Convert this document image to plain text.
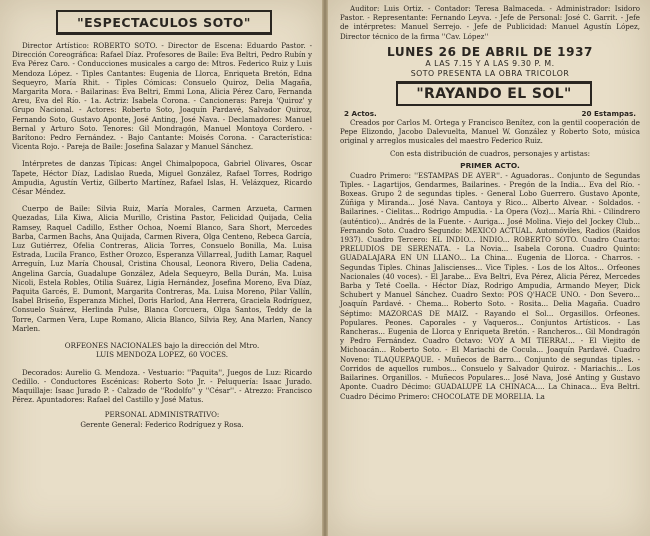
"ESPECTACULOS SOTO"

Director Artístico: ROBERTO SOTO. - Director de Escena: Eduardo Pastor. - Dirección Coreográfica: Rafael Díaz. Profesores de Baile: Eva Beltri, Pedro Rubín y Eva Pérez Caro. - Conducciones musicales a cargo de: Mtros. Federico Ruiz y Luis Mendoza López. - Tiples Cantantes: Eugenia de Llorca, Enriqueta Bretón, Edna Sequeyro, María Rhit. - Tiples Cómicas: Consuelo Quiroz, Delia Magaña, Margarita Mora. - Bailarinas: Eva Beltri, Emmi Lona, Alicia Pérez Caro, Fernanda Areu, Eva del Río. - 1a. Actriz: Isabela Corona. - Cancioneras: Pareja 'Quiroz' y Grupo Nacional. - Actores: Roberto Soto, Joaquín Pardavé, Salvador Quiroz, Fernando Soto, Gustavo Aponte, José Anting, José Nava. - Declamadores: Manuel Bernal y Arturo Soto. Tenores: Gil Mondragón, Manuel Montoya Cordero. - Barítono: Pedro Fernández. - Bajo Cantante: Moisés Corona. - Característica: Vicenta Rojo. - Pareja de Baile: Josefina Salazar y Manuel Sánchez.

Intérpretes de danzas Típicas: Angel Chimalpopoca, Gabriel Olivares, Oscar Tapete, Héctor Díaz, Ladislao Rueda, Miguel González, Rafael Torres, Rodrigo Ampudia, Agustín Vertiz, Gilberto Martínez, Rafael Islas, H. Velázquez, Ricardo César Méndez.

Cuerpo de Baile: Silvia Ruiz, María Morales, Carmen Arzueta, Carmen Quezadas, Lila Kiwa, Alicia Murillo, Cristina Pastor, Felicidad Quijada, Celia Ramsey, Raquel Cadillo, Esther Ochoa, Noemí Blanco, Sara Short, Mercedes Barba, Carmen Bachs, Ana Quijada, Carmen Rivera, Olga Centeno, Rebeca García, Luz Gutiérrez, Ofelia Contreras, Alicia Torres, Consuelo Bonilla, Ma. Luisa Estrada, Lucila Franco, Esther Orozco, Esperanza Villarreal, Judith Lamar, Raquel Arreguín, Luz María Chousal, Cristina Chousal, Leonora Rivero, Delia Cadena, Angelina García, Guadalupe González, Adela Sequeyro, Bella Durán, Ma. Luisa Nicoli, Estela Robles, Otilia Suárez, Ligia Hernández, Josefina Moreno, Eva Díaz, Paquita Garcés, E. Dumont, Margarita Contreras, Ma. Luisa Moreno, Pilar Vallín, Isabel Briseño, Esperanza Michel, Doris Harlod, Ana Herrera, Graciela Rodríguez, Consuelo Suárez, Herlinda Pulse, Blanca Corcuera, Olga Santos, Teddy de la Torre, Carmen Vera, Lupe Romano, Alicia Blanco, Silvia Rey, Ana Marlen, Nancy Marlen.

ORFEONES NACIONALES bajo la dirección del Mtro.

LUIS MENDOZA LOPEZ, 60 VOCES.

Decorados: Aurelio G. Mendoza. - Vestuario: ''Paquita'', Juegos de Luz: Ricardo Cedillo. - Conductores Escénicas: Roberto Soto Jr. - Peluquería: Isaac Jurado. Maquillaje: Isaac Jurado P. - Calzado de ''Rodolfo'' y ''César''. - Atrezzo: Francisco Pérez. Apuntadores: Rafael del Castillo y José Matus.

PERSONAL ADMINISTRATIVO:

Gerente General: Federico Rodríguez y Rosa.

Auditor: Luis Ortiz. - Contador: Teresa Balmaceda. - Administrador: Isidoro Pastor. - Representante: Fernando Leyva. - Jefe de Personal: José C. Garrit. - Jefe de intérpretes: Manuel Serrejo. - Jefe de Publicidad: Manuel Agustín López, Director técnico de la firma ''Cav. López''

LUNES 26 DE ABRIL DE 1937
A LAS 7.15 Y A LAS 9.30 P. M.
SOTO PRESENTA LA OBRA TRICOLOR
"RAYANDO EL SOL"
2 Actos.	20 Estampas.

Creados por Carlos M. Ortega y Francisco Benítez, con la gentil cooperación de Pepe Elizondo, Jacobo Dalevuelta, Manuel W. González y Roberto Soto, música original y arreglos musicales del maestro Federico Ruiz.

Con esta distribución de cuadros, personajes y artistas:

PRIMER ACTO.

Cuadro Primero: ''ESTAMPAS DE AYER''. - Aguadoras.. Conjunto de Segundas Tiples. - Lagartijos, Gendarmes, Bailarines. - Pregón de la India... Eva del Río. - Boxeas. Grupo 2 de segundas tiples. - General Lobo Guerrero. Gustavo Aponte, Zúñiga y Miranda... José Nava. Cantoya y Rico... Alberto Alvear. - Soldados. - Bailarines. - Cielitas... Rodrigo Ampudia. - La Opera (Voz)... María Rhi. - Cilindrero (auténtico)... Andrés de la Fuente. - Auriga... José Molina. Viejo del Jockey Club... Fernando Soto. Cuadro Segundo: MEXICO ACTUAL. Automóviles, Radios (Raidos 1937). Cuadro Tercero: EL INDIO... INDIO... ROBERTO SOTO. Cuadro Cuarto: PRELUDIOS DE SERENATA. - La Novia... Isabela Corona. Cuadro Quinto: GUADALAJARA EN UN LLANO... La China... Eugenia de Llorca. - Charros. - Segundas Tiples. Chinas Jaliscienses... Vice Tiples. - Los de los Altos... Orfeones Nacionales (40 voces). - El Jarabe... Eva Beltri, Eva Pérez, Alicia Pérez, Mercedes Barba y Teté Coella. - Héctor Díaz, Rodrigo Ampudia, Armando Meyer, Dick Schubert y Manuel Sánchez. Cuadro Sexto: POS Q'HACE UNO. - Don Severo... Joaquín Pardavé. - Chema... Roberto Soto. - Rosita... Delia Magaña. Cuadro Séptimo: MAZORCAS DE MAIZ. - Rayando el Sol... Orgasillos. Orfeones. Populares. Peones. Caporales - y Vaqueros... Conjuntos Artísticos. - Las Rancheras... Eugenia de Llorca y Enriqueta Bretón. - Rancheros... Gil Mondragón y Pedro Fernández. Cuadro Octavo: VOY A MI TIERRA!... - El Viejito de Michoacán... Roberto Soto. - El Mariachi de Cocula... Joaquín Pardavé. Cuadro Noveno: TLAQUEPAQUE. - Muñecos de Barro... Conjunto de segundas tiples. - Corridos de aquellos rumbos... Consuelo y Salvador Quiroz. - Mariachis... Los Bailarines. Organillos. - Muñecos Populares... José Nava, José Anting y Gustavo Aponte. Cuadro Décimo: GUADALUPE LA CHINACA.... La Chinaca... Eva Beltri. Cuadro Décimo Primero: CHOCOLATE DE MORELIA. La
